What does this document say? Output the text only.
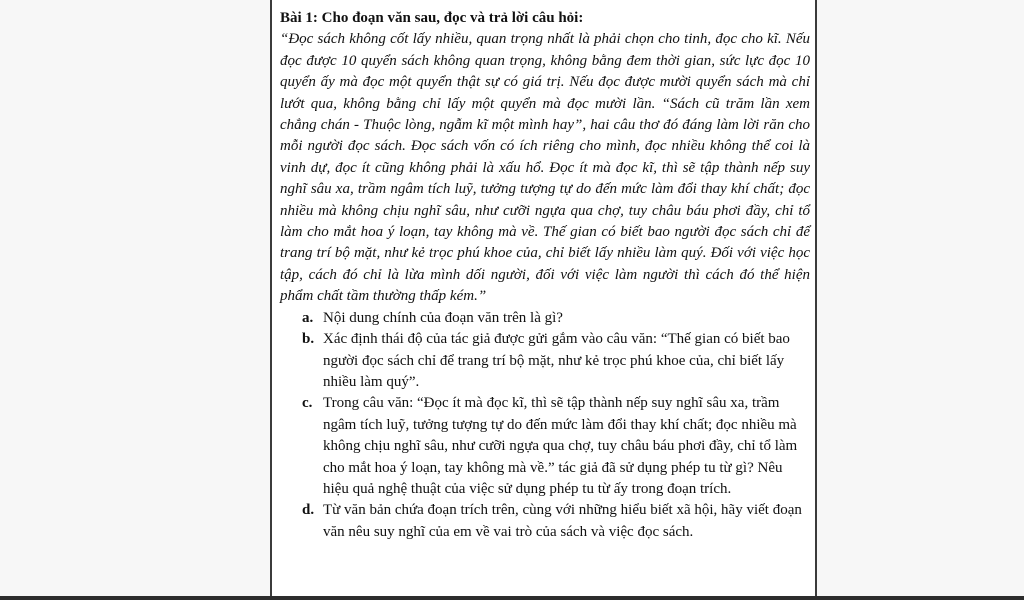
Bài 1: Cho đoạn văn sau, đọc và trả lời câu hỏi:

“Đọc sách không cốt lấy nhiều, quan trọng nhất là phải chọn cho tinh, đọc cho kĩ. Nếu đọc được 10 quyển sách không quan trọng, không bằng đem thời gian, sức lực đọc 10 quyển ấy mà đọc một quyển thật sự có giá trị. Nếu đọc được mười quyển sách mà chỉ lướt qua, không bằng chỉ lấy một quyển mà đọc mười lần. “Sách cũ trăm lần xem chẳng chán - Thuộc lòng, ngẫm kĩ một mình hay”, hai câu thơ đó đáng làm lời răn cho mỗi người đọc sách. Đọc sách vốn có ích riêng cho mình, đọc nhiều không thể coi là vinh dự, đọc ít cũng không phải là xấu hổ. Đọc ít mà đọc kĩ, thì sẽ tập thành nếp suy nghĩ sâu xa, trầm ngâm tích luỹ, tưởng tượng tự do đến mức làm đổi thay khí chất; đọc nhiều mà không chịu nghĩ sâu, như cưỡi ngựa qua chợ, tuy châu báu phơi đầy, chỉ tổ làm cho mắt hoa ý loạn, tay không mà về. Thế gian có biết bao người đọc sách chỉ để trang trí bộ mặt, như kẻ trọc phú khoe của, chỉ biết lấy nhiều làm quý. Đối với việc học tập, cách đó chỉ là lừa mình dối người, đối với việc làm người thì cách đó thể hiện phẩm chất tầm thường thấp kém.”

a. Nội dung chính của đoạn văn trên là gì?
b. Xác định thái độ của tác giả được gửi gắm vào câu văn: “Thế gian có biết bao người đọc sách chỉ để trang trí bộ mặt, như kẻ trọc phú khoe của, chỉ biết lấy nhiều làm quý”.
c. Trong câu văn: “Đọc ít mà đọc kĩ, thì sẽ tập thành nếp suy nghĩ sâu xa, trầm ngâm tích luỹ, tưởng tượng tự do đến mức làm đổi thay khí chất; đọc nhiều mà không chịu nghĩ sâu, như cưỡi ngựa qua chợ, tuy châu báu phơi đầy, chỉ tổ làm cho mắt hoa ý loạn, tay không mà về.” tác giả đã sử dụng phép tu từ gì? Nêu hiệu quả nghệ thuật của việc sử dụng phép tu từ ấy trong đoạn trích.
d. Từ văn bản chứa đoạn trích trên, cùng với những hiểu biết xã hội, hãy viết đoạn văn nêu suy nghĩ của em về vai trò của sách và việc đọc sách.
